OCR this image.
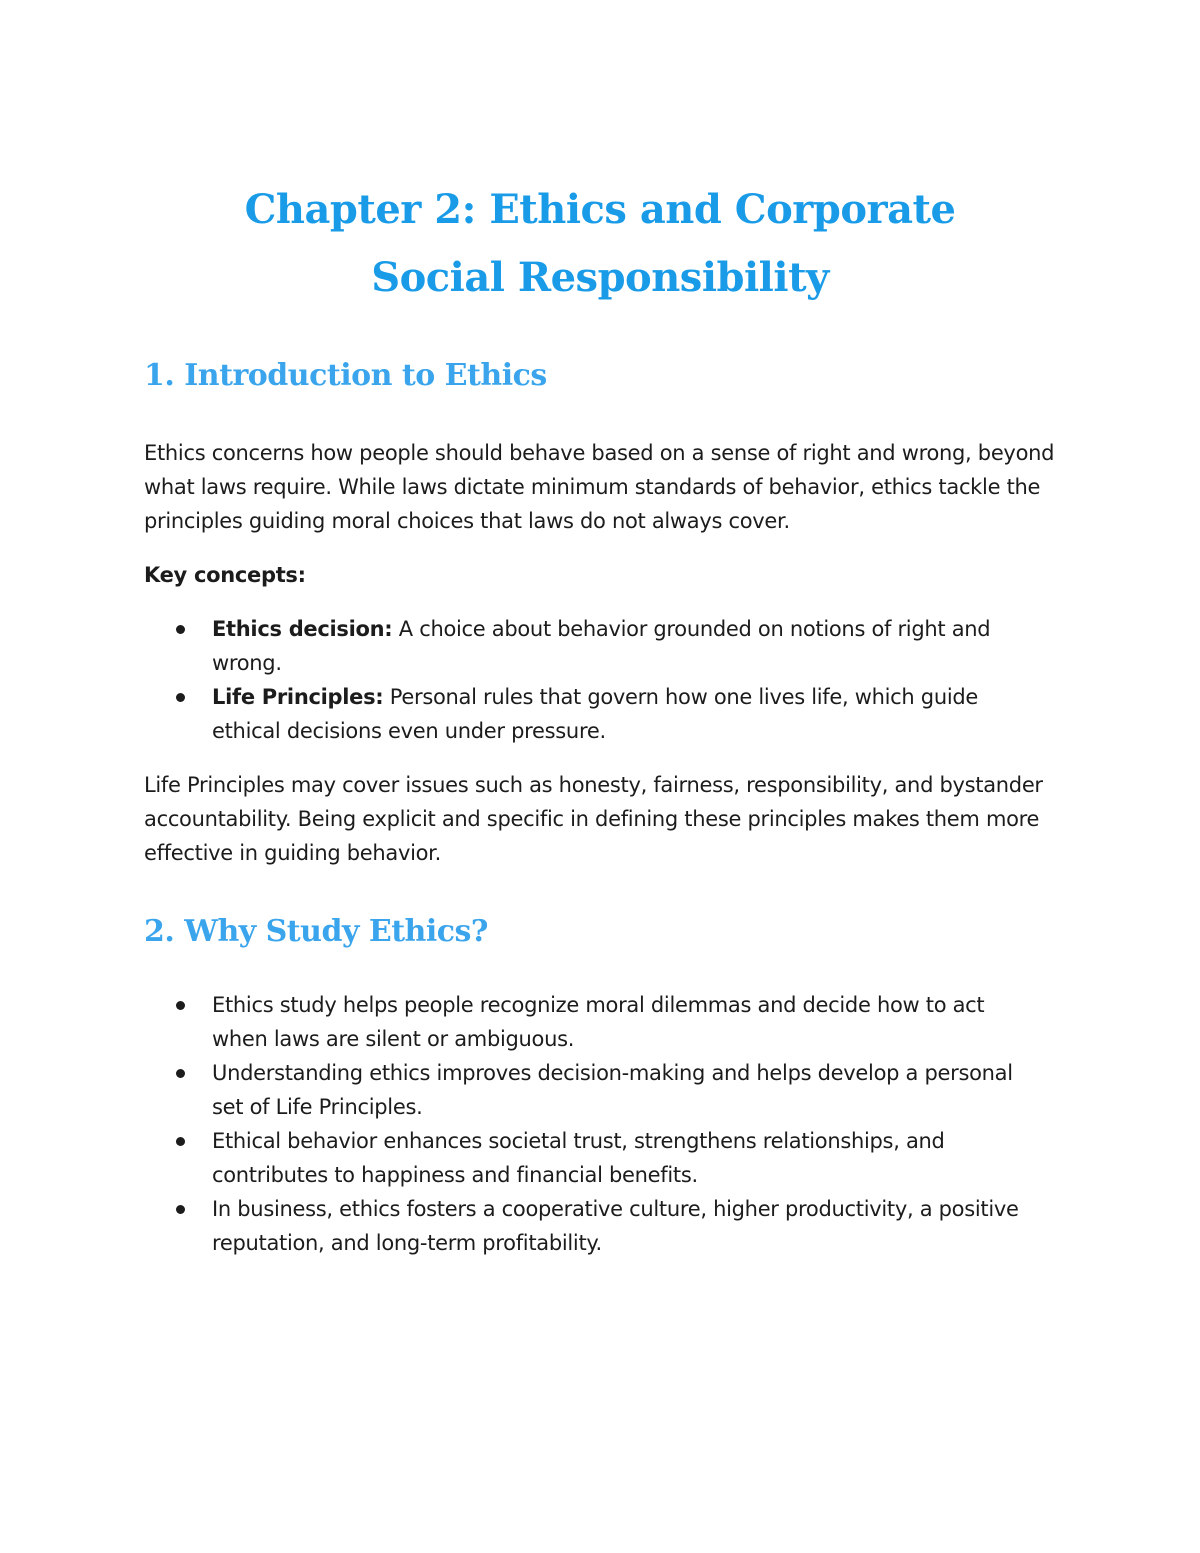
Chapter 2: Ethics and Corporate Social Responsibility
1. Introduction to Ethics

Ethics concerns how people should behave based on a sense of right and wrong, beyond what laws require. While laws dictate minimum standards of behavior, ethics tackle the principles guiding moral choices that laws do not always cover.

Key concepts:

Ethics decision: A choice about behavior grounded on notions of right and wrong.
Life Principles: Personal rules that govern how one lives life, which guide ethical decisions even under pressure.

Life Principles may cover issues such as honesty, fairness, responsibility, and bystander accountability. Being explicit and specific in defining these principles makes them more effective in guiding behavior.

2. Why Study Ethics?
Ethics study helps people recognize moral dilemmas and decide how to act when laws are silent or ambiguous.
Understanding ethics improves decision-making and helps develop a personal set of Life Principles.
Ethical behavior enhances societal trust, strengthens relationships, and contributes to happiness and financial benefits.
In business, ethics fosters a cooperative culture, higher productivity, a positive reputation, and long-term profitability.
